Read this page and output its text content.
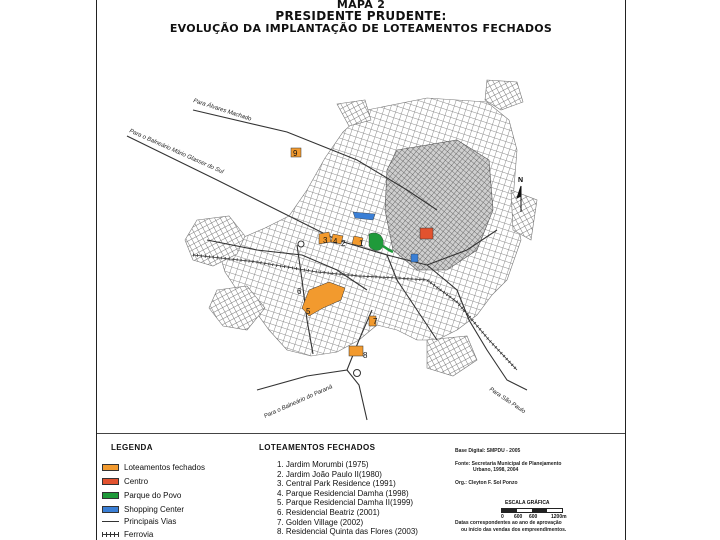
MAPA 2
PRESIDENTE PRUDENTE:
EVOLUÇÃO DA IMPLANTAÇÃO DE LOTEAMENTOS FECHADOS
9
2 1
3 4
5
6
7
8
Para Álvares Machado
Para o Balneário Mário Glasser do Sul
Para o Balneário do Paraná	Para São Paulo
N
LEGENDA
Loteamentos fechados
Centro
Parque do Povo
Shopping Center
Principais Vias
Ferrovia
LOTEAMENTOS FECHADOS
1. Jardim Morumbi (1975)
2. Jardim João Paulo II(1980)
3. Central Park Residence (1991)
4. Parque Residencial Damha (1998)
5. Parque Residencial Damha II(1999)
6. Residencial Beatriz (2001)
7. Golden Village (2002)
8. Residencial Quinta das Flores (2003)
Base Digital: SMPDU - 2005
Fonte: Secretaria Municipal de Planejamento
Urbano, 1998, 2004
Org.: Cleyton F. Sol Ponzo
ESCALA GRÁFICA
0 600 600	1200m
Datas correspondentes ao ano de aprovação
ou início das vendas dos empreendimentos.
